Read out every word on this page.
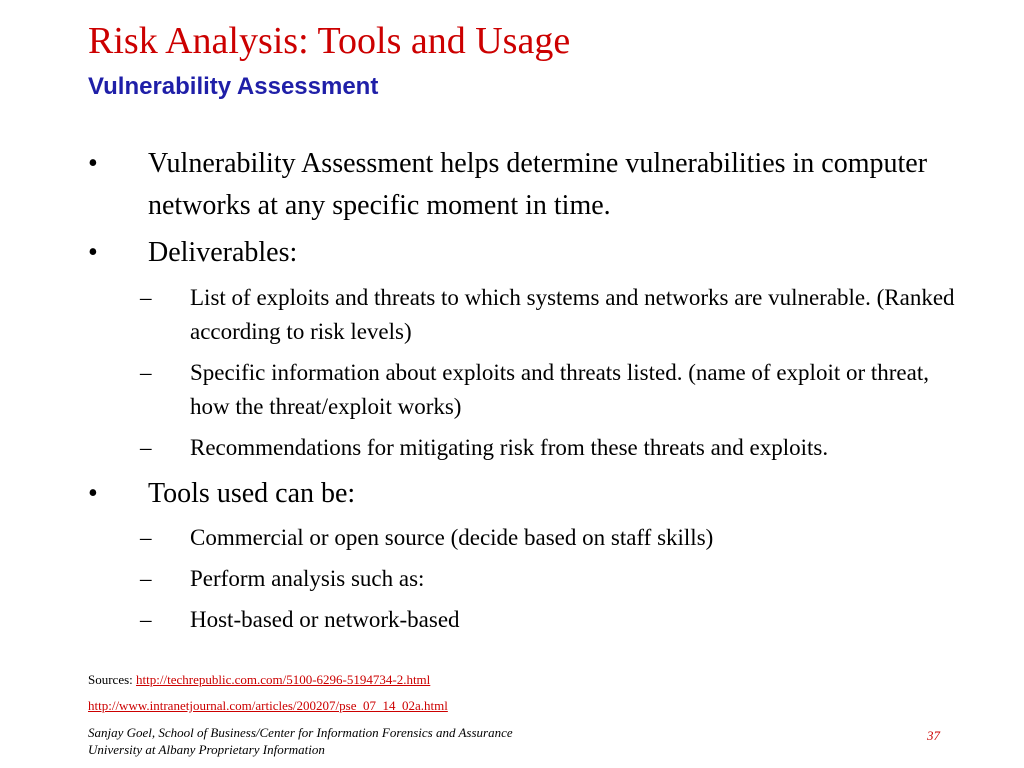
Risk Analysis: Tools and Usage
Vulnerability Assessment
• Vulnerability Assessment helps determine vulnerabilities in computer networks at any specific moment in time.
• Deliverables:
– List of exploits and threats to which systems and networks are vulnerable. (Ranked according to risk levels)
– Specific information about exploits and threats listed. (name of exploit or threat, how the threat/exploit works)
– Recommendations for mitigating risk from these threats and exploits.
• Tools used can be:
– Commercial or open source (decide based on staff skills)
– Perform analysis such as:
– Host-based or network-based
Sources: http://techrepublic.com.com/5100-6296-5194734-2.html
http://www.intranetjournal.com/articles/200207/pse_07_14_02a.html
Sanjay Goel, School of Business/Center for Information Forensics and Assurance
University at Albany Proprietary Information
37
